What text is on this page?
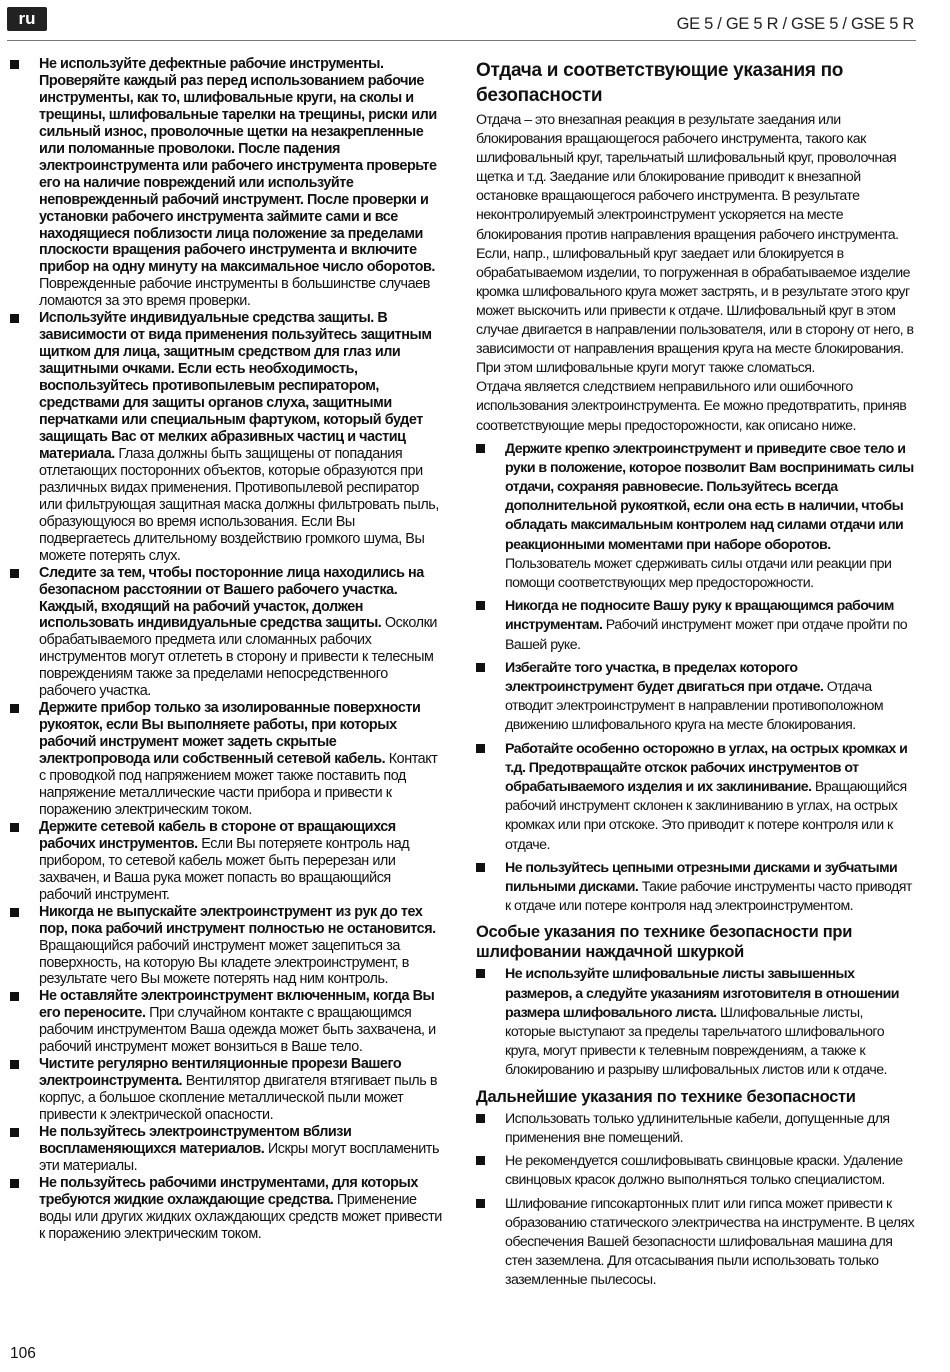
ru	GE 5 / GE 5 R / GSE 5 / GSE 5 R

Не используйте дефектные рабочие инструменты. Проверяйте каждый раз перед использованием рабочие инструменты, как то, шлифовальные круги, на сколы и трещины, шлифовальные тарелки на трещины, риски или сильный износ, проволочные щетки на незакрепленные или поломанные проволоки. После падения электроинструмента или рабочего инструмента проверьте его на наличие повреждений или используйте неповрежденный рабочий инструмент. После проверки и установки рабочего инструмента займите сами и все находящиеся поблизости лица положение за пределами плоскости вращения рабочего инструмента и включите прибор на одну минуту на максимальное число оборотов. Поврежденные рабочие инструменты в большинстве случаев ломаются за это время проверки.

Используйте индивидуальные средства защиты. В зависимости от вида применения пользуйтесь защитным щитком для лица, защитным средством для глаз или защитными очками. Если есть необходимость, воспользуйтесь противопылевым респиратором, средствами для защиты органов слуха, защитными перчатками или специальным фартуком, который будет защищать Вас от мелких абразивных частиц и частиц материала. Глаза должны быть защищены от попадания отлетающих посторонних объектов, которые образуются при различных видах применения. Противопылевой респиратор или фильтрующая защитная маска должны фильтровать пыль, образующуюся во время использования. Если Вы подвергаетесь длительному воздействию громкого шума, Вы можете потерять слух.

Следите за тем, чтобы посторонние лица находились на безопасном расстоянии от Вашего рабочего участка. Каждый, входящий на рабочий участок, должен использовать индивидуальные средства защиты. Осколки обрабатываемого предмета или сломанных рабочих инструментов могут отлететь в сторону и привести к телесным повреждениям также за пределами непосредственного рабочего участка.

Держите прибор только за изолированные поверхности рукояток, если Вы выполняете работы, при которых рабочий инструмент может задеть скрытые электропровода или собственный сетевой кабель. Контакт с проводкой под напряжением может также поставить под напряжение металлические части прибора и привести к поражению электрическим током.

Держите сетевой кабель в стороне от вращающихся рабочих инструментов. Если Вы потеряете контроль над прибором, то сетевой кабель может быть перерезан или захвачен, и Ваша рука может попасть во вращающийся рабочий инструмент.

Никогда не выпускайте электроинструмент из рук до тех пор, пока рабочий инструмент полностью не остановится. Вращающийся рабочий инструмент может зацепиться за поверхность, на которую Вы кладете электроинструмент, в результате чего Вы можете потерять над ним контроль.

Не оставляйте электроинструмент включенным, когда Вы его переносите. При случайном контакте с вращающимся рабочим инструментом Ваша одежда может быть захвачена, и рабочий инструмент может вонзиться в Ваше тело.

Чистите регулярно вентиляционные прорези Вашего электроинструмента. Вентилятор двигателя втягивает пыль в корпус, а большое скопление металлической пыли может привести к электрической опасности.

Не пользуйтесь электроинструментом вблизи воспламеняющихся материалов. Искры могут воспламенить эти материалы.

Не пользуйтесь рабочими инструментами, для которых требуются жидкие охлаждающие средства. Применение воды или других жидких охлаждающих средств может привести к поражению электрическим током.

Отдача и соответствующие указания по безопасности

Отдача – это внезапная реакция в результате заедания или блокирования вращающегося рабочего инструмента, такого как шлифовальный круг, тарельчатый шлифовальный круг, проволочная щетка и т.д. Заедание или блокирование приводит к внезапной остановке вращающегося рабочего инструмента. В результате неконтролируемый электроинструмент ускоряется на месте блокирования против направления вращения рабочего инструмента. Если, напр., шлифовальный круг заедает или блокируется в обрабатываемом изделии, то погруженная в обрабатываемое изделие кромка шлифовального круга может застрять, и в результате этого круг может выскочить или привести к отдаче. Шлифовальный круг в этом случае двигается в направлении пользователя, или в сторону от него, в зависимости от направления вращения круга на месте блокирования. При этом шлифовальные круги могут также сломаться.

Отдача является следствием неправильного или ошибочного использования электроинструмента. Ее можно предотвратить, приняв соответствующие меры предосторожности, как описано ниже.

Держите крепко электроинструмент и приведите свое тело и руки в положение, которое позволит Вам воспринимать силы отдачи, сохраняя равновесие. Пользуйтесь всегда дополнительной рукояткой, если она есть в наличии, чтобы обладать максимальным контролем над силами отдачи или реакционными моментами при наборе оборотов. Пользователь может сдерживать силы отдачи или реакции при помощи соответствующих мер предосторожности.

Никогда не подносите Вашу руку к вращающимся рабочим инструментам. Рабочий инструмент может при отдаче пройти по Вашей руке.

Избегайте того участка, в пределах которого электроинструмент будет двигаться при отдаче. Отдача отводит электроинструмент в направлении противоположном движению шлифовального круга на месте блокирования.

Работайте особенно осторожно в углах, на острых кромках и т.д. Предотвращайте отскок рабочих инструментов от обрабатываемого изделия и их заклинивание. Вращающийся рабочий инструмент склонен к заклиниванию в углах, на острых кромках или при отскоке. Это приводит к потере контроля или к отдаче.

Не пользуйтесь цепными отрезными дисками и зубчатыми пильными дисками. Такие рабочие инструменты часто приводят к отдаче или потере контроля над электроинструментом.

Особые указания по технике безопасности при шлифовании наждачной шкуркой

Не используйте шлифовальные листы завышенных размеров, а следуйте указаниям изготовителя в отношении размера шлифовального листа. Шлифовальные листы, которые выступают за пределы тарельчатого шлифовального круга, могут привести к телевным повреждениям, а также к блокированию и разрыву шлифовальных листов или к отдаче.

Дальнейшие указания по технике безопасности

Использовать только удлинительные кабели, допущенные для применения вне помещений.

Не рекомендуется сошлифовывать свинцовые краски. Удаление свинцовых красок должно выполняться только специалистом.

Шлифование гипсокартонных плит или гипса может привести к образованию статического электричества на инструменте. В целях обеспечения Вашей безопасности шлифовальная машина для стен заземлена. Для отсасывания пыли использовать только заземленные пылесосы.

106
